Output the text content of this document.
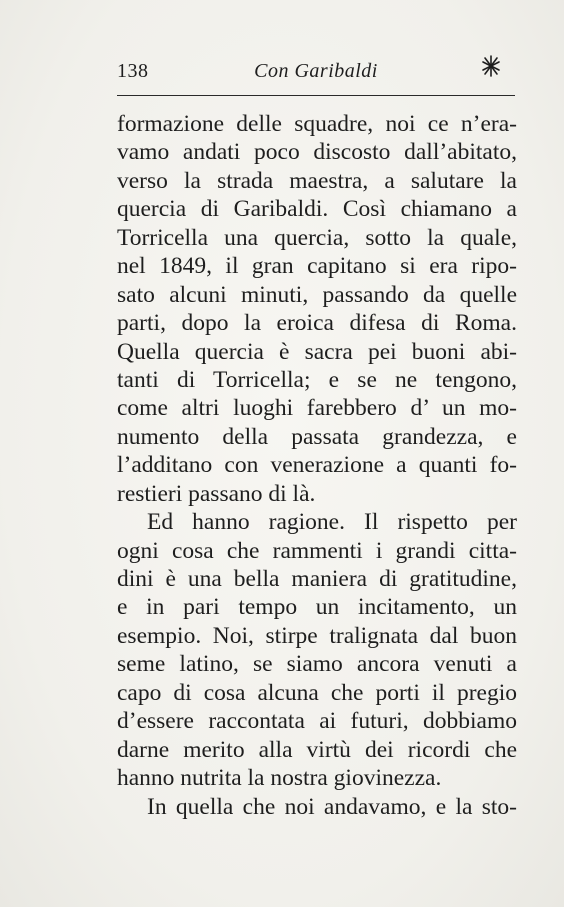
138	Con Garibaldi
formazione delle squadre, noi ce n’era-
vamo andati poco discosto dall’abitato,
verso la strada maestra, a salutare la
quercia di Garibaldi. Così chiamano a
Torricella una quercia, sotto la quale,
nel 1849, il gran capitano si era ripo-
sato alcuni minuti, passando da quelle
parti, dopo la eroica difesa di Roma.
Quella quercia è sacra pei buoni abi-
tanti di Torricella; e se ne tengono,
come altri luoghi farebbero d’ un mo-
numento della passata grandezza, e
l’additano con venerazione a quanti fo-
restieri passano di là.
Ed hanno ragione. Il rispetto per
ogni cosa che rammenti i grandi citta-
dini è una bella maniera di gratitudine,
e in pari tempo un incitamento, un
esempio. Noi, stirpe tralignata dal buon
seme latino, se siamo ancora venuti a
capo di cosa alcuna che porti il pregio
d’essere raccontata ai futuri, dobbiamo
darne merito alla virtù dei ricordi che
hanno nutrita la nostra giovinezza.
In quella che noi andavamo, e la sto-
